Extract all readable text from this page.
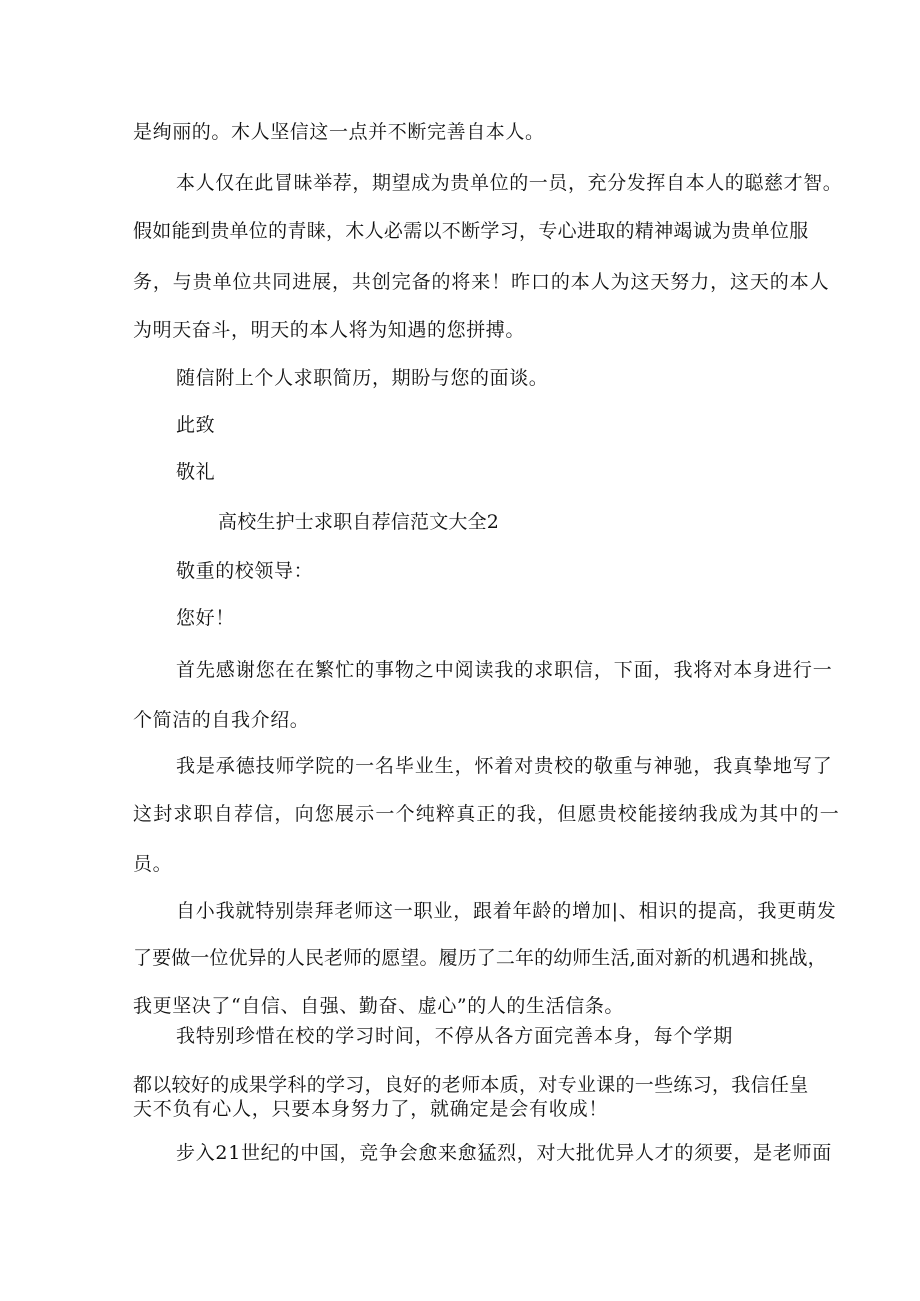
是绚丽的。木人坚信这一点并不断完善自本人。

本人仅在此冒昧举荐，期望成为贵单位的一员，充分发挥自本人的聪慈才智。

假如能到贵单位的青睐，木人必需以不断学习，专心进取的精神竭诚为贵单位服

务，与贵单位共同进展，共创完备的将来！昨口的本人为这天努力，这天的本人

为明天奋斗，明天的本人将为知遇的您拼搏。

随信附上个人求职简历，期盼与您的面谈。

此致

敬礼

高校生护士求职自荐信范文大全2

敬重的校领导：

您好！

首先感谢您在在繁忙的事物之中阅读我的求职信，下面，我将对本身进行一

个简洁的自我介绍。

我是承德技师学院的一名毕业生，怀着对贵校的敬重与神驰，我真挚地写了

这封求职自荐信，向您展示一个纯粹真正的我，但愿贵校能接纳我成为其中的一

员。

自小我就特别崇拜老师这一职业，跟着年龄的增加|、相识的提高，我更萌发

了要做一位优异的人民老师的愿望。履历了二年的幼师生活,面对新的机遇和挑战，

我更坚决了“自信、自强、勤奋、虚心”的人的生活信条。

我特别珍惜在校的学习时间，不停从各方面完善本身，每个学期

都以较好的成果学科的学习，良好的老师本质，对专业课的一些练习，我信任皇

天不负有心人，只要本身努力了，就确定是会有收成！

步入21世纪的中国，竞争会愈来愈猛烈，对大批优异人才的须要，是老师面
